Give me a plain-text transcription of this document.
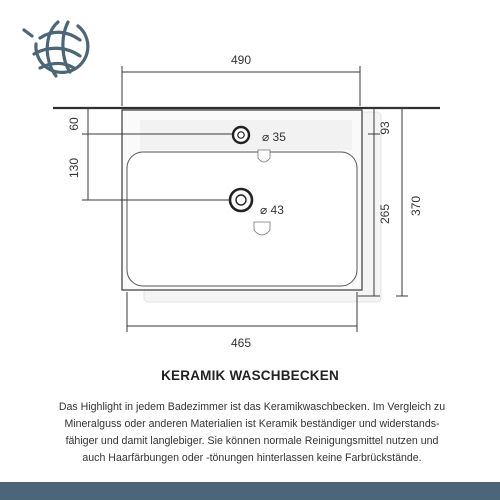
490
465
60
130
93
265 370
⌀ 35
⌀ 43
KERAMIK WASCHBECKEN
Das Highlight in jedem Badezimmer ist das Keramikwaschbecken. Im Vergleich zu
Mineralguss oder anderen Materialien ist Keramik beständiger und widerstands-
fähiger und damit langlebiger. Sie können normale Reinigungsmittel nutzen und
auch Haarfärbungen oder -tönungen hinterlassen keine Farbrückstände.
